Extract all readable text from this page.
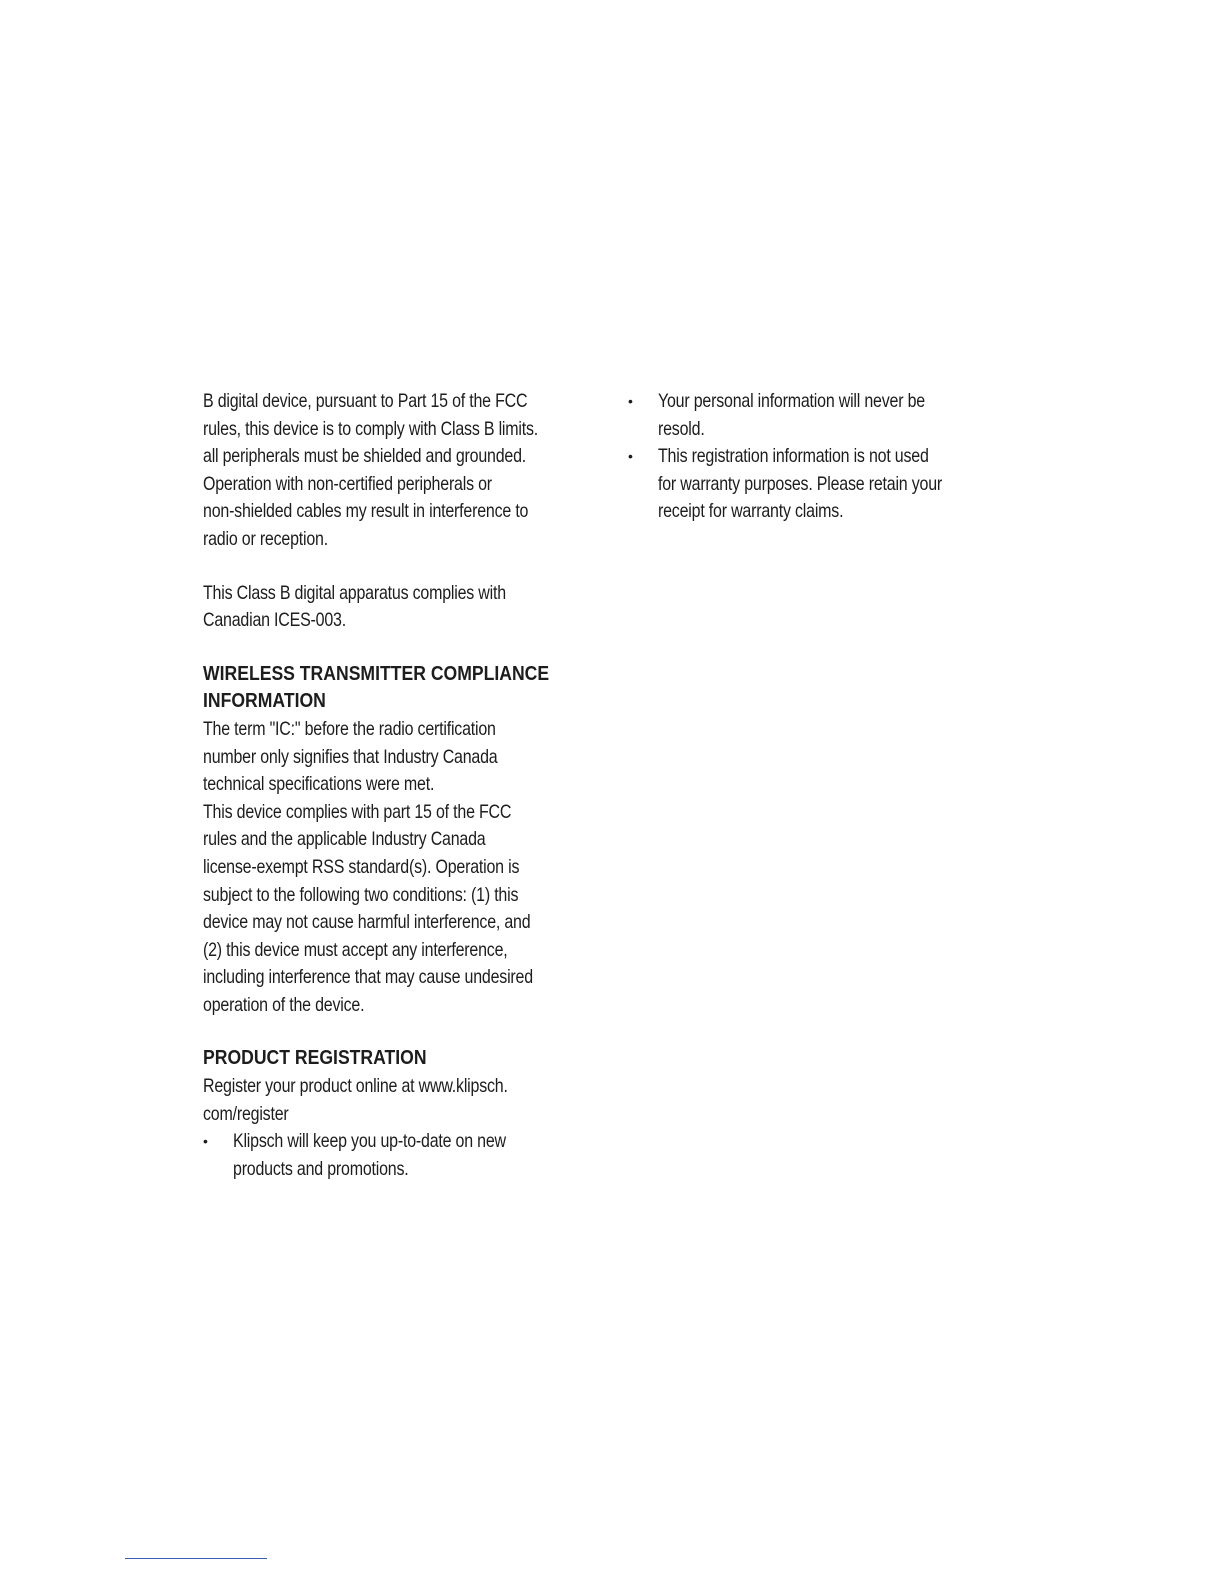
B digital device, pursuant to Part 15 of the FCC
rules, this device is to comply with Class B limits.
all peripherals must be shielded and grounded.
Operation with non-certified peripherals or
non-shielded cables my result in interference to
radio or reception.
This Class B digital apparatus complies with
Canadian ICES-003.
WIRELESS TRANSMITTER COMPLIANCE
INFORMATION
The term "IC:" before the radio certification
number only signifies that Industry Canada
technical specifications were met.
This device complies with part 15 of the FCC
rules and the applicable Industry Canada
license-exempt RSS standard(s). Operation is
subject to the following two conditions: (1) this
device may not cause harmful interference, and
(2) this device must accept any interference,
including interference that may cause undesired
operation of the device.
PRODUCT REGISTRATION
Register your product online at www.klipsch.
com/register
• Klipsch will keep you up-to-date on new
products and promotions.
• Your personal information will never be
resold.
• This registration information is not used
for warranty purposes. Please retain your
receipt for warranty claims.
